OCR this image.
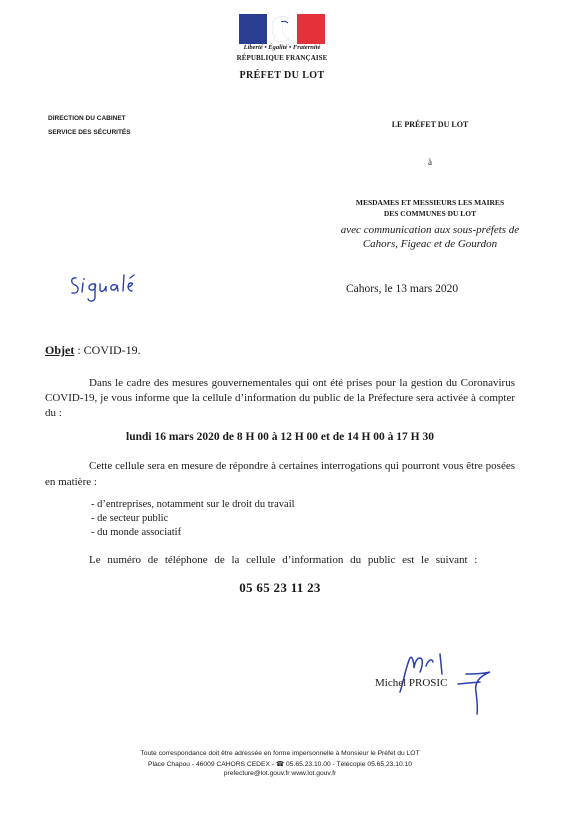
Liberté • Égalité • Fraternité
RÉPUBLIQUE FRANÇAISE
PRÉFET DU LOT
DIRECTION DU CABINET
SERVICE DES SÉCURITÉS
LE PRÉFET DU LOT
à
MESDAMES ET MESSIEURS LES MAIRES
DES COMMUNES DU LOT
avec communication aux sous-préfets de
Cahors, Figeac et de Gourdon
Cahors, le 13 mars 2020
Objet : COVID-19.
Dans le cadre des mesures gouvernementales qui ont été prises pour la gestion du Coronavirus COVID-19, je vous informe que la cellule d’information du public de la Préfecture sera activée à compter du :
lundi 16 mars 2020 de 8 H 00 à 12 H 00 et de 14 H 00 à 17 H 30
Cette cellule sera en mesure de répondre à certaines interrogations qui pourront vous être posées en matière :
- d’entreprises, notamment sur le droit du travail
- de secteur public
- du monde associatif
Le numéro de téléphone de la cellule d’information du public est le suivant :
05 65 23 11 23
Michel PROSIC
Toute correspondance doit être adressée en forme impersonnelle à Monsieur le Préfet du LOT
Place Chapou - 46009 CAHORS CEDEX - ☎ 05.65.23.10.00 - Télécopie 05.65.23.10.10
prefecture@lot.gouv.fr www.lot.gouv.fr
